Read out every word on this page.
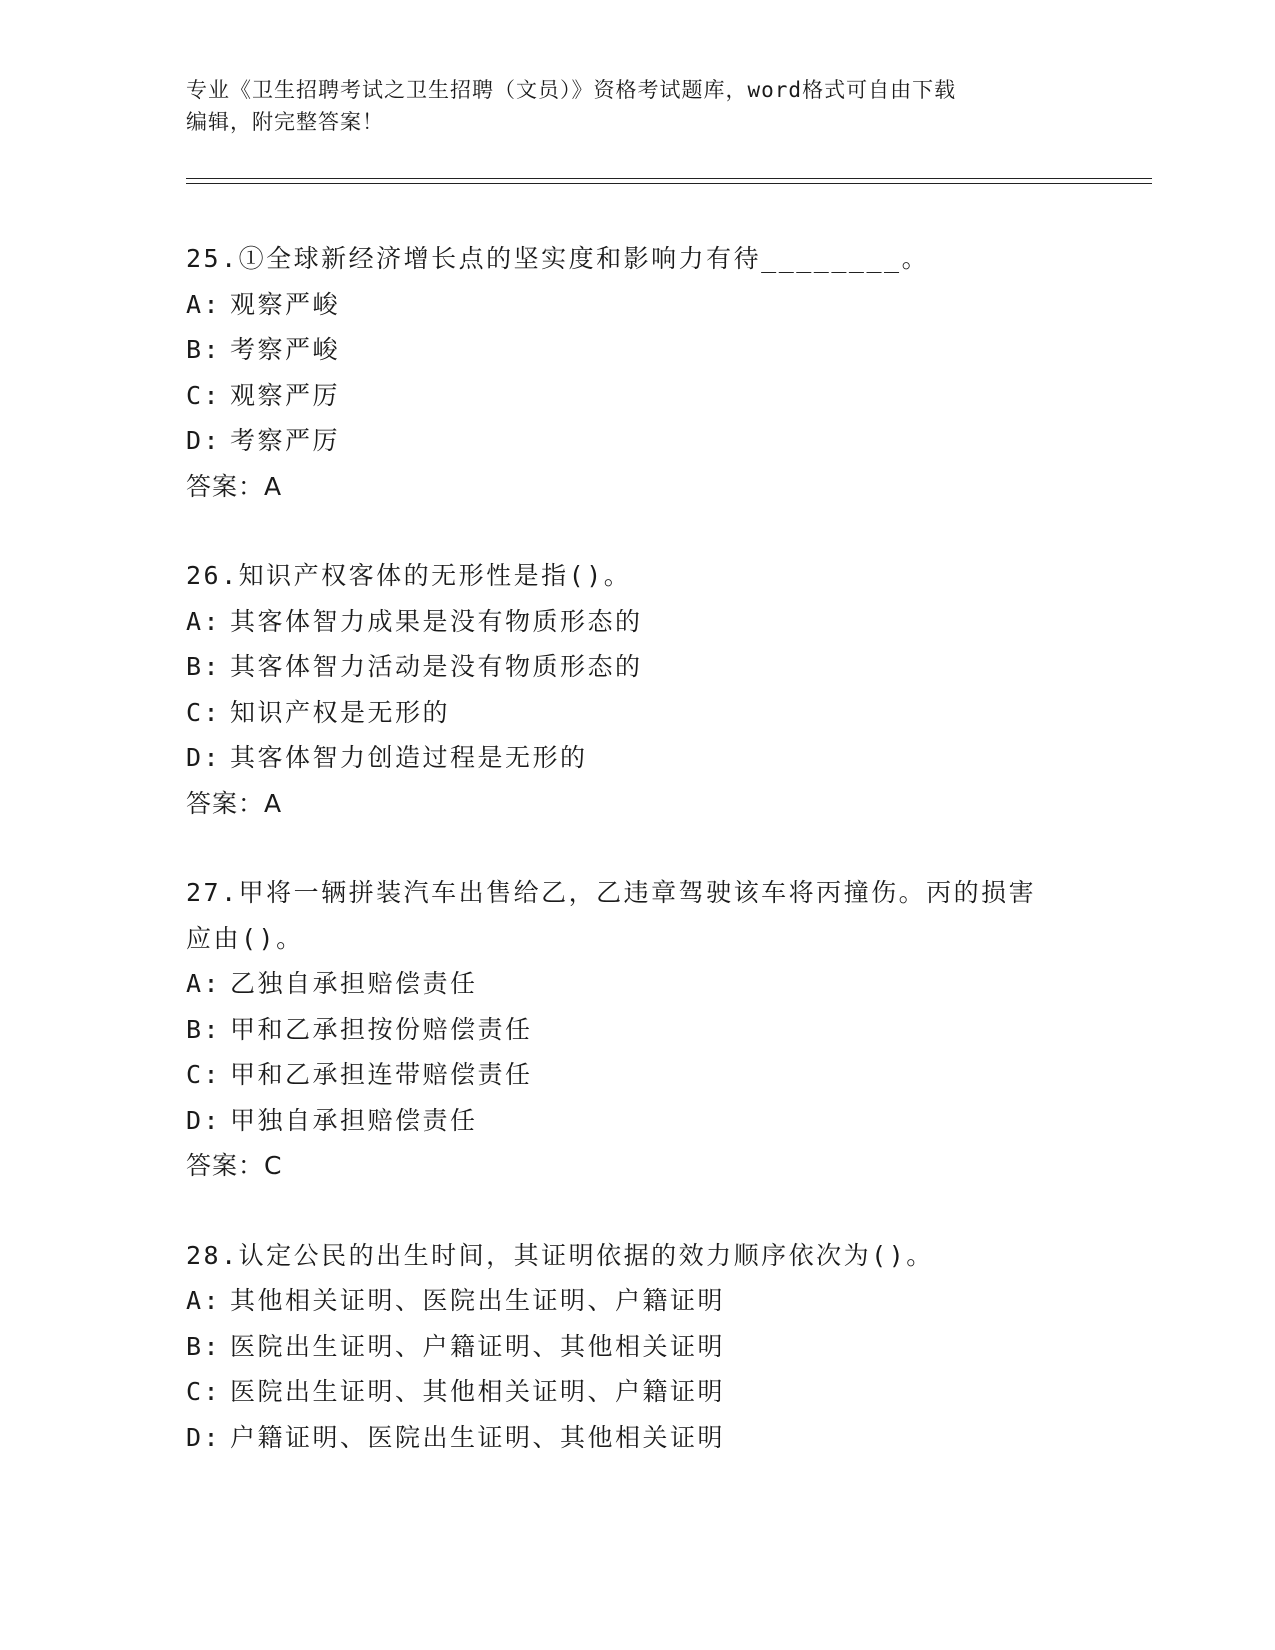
专业《卫生招聘考试之卫生招聘（文员）》资格考试题库，word格式可自由下载
编辑，附完整答案！
25.①全球新经济增长点的坚实度和影响力有待________。
A: 观察严峻
B: 考察严峻
C: 观察严厉
D: 考察严厉
答案：A
26.知识产权客体的无形性是指()。
A: 其客体智力成果是没有物质形态的
B: 其客体智力活动是没有物质形态的
C: 知识产权是无形的
D: 其客体智力创造过程是无形的
答案：A
27.甲将一辆拼装汽车出售给乙，乙违章驾驶该车将丙撞伤。丙的损害
应由()。
A: 乙独自承担赔偿责任
B: 甲和乙承担按份赔偿责任
C: 甲和乙承担连带赔偿责任
D: 甲独自承担赔偿责任
答案：C
28.认定公民的出生时间，其证明依据的效力顺序依次为()。
A: 其他相关证明、医院出生证明、户籍证明
B: 医院出生证明、户籍证明、其他相关证明
C: 医院出生证明、其他相关证明、户籍证明
D: 户籍证明、医院出生证明、其他相关证明
